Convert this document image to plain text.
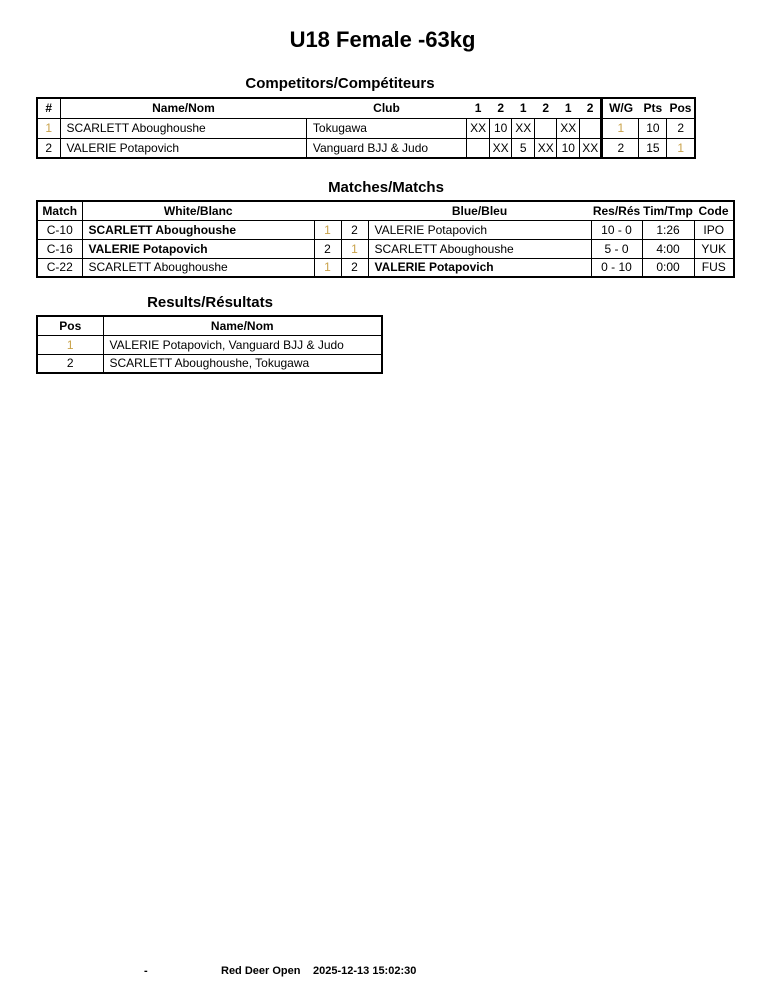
U18 Female -63kg
Competitors/Compétiteurs
#	Name/Nom	Club	1	2	1	2	1	2	W/G	Pts	Pos
1	SCARLETT Aboughoushe	Tokugawa	XX	10	XX		XX		1	10	2
2	VALERIE Potapovich	Vanguard BJJ & Judo		XX	5	XX	10	XX	2	15	1
Matches/Matchs
Match	White/Blanc			Blue/Bleu	Res/Rés	Tim/Tmp	Code
C-10	SCARLETT Aboughoushe	1	2	VALERIE Potapovich	10 - 0	1:26	IPO
C-16	VALERIE Potapovich	2	1	SCARLETT Aboughoushe	5 - 0	4:00	YUK
C-22	SCARLETT Aboughoushe	1	2	VALERIE Potapovich	0 - 10	0:00	FUS
Results/Résultats
Pos	Name/Nom
1	VALERIE Potapovich, Vanguard BJJ & Judo
2	SCARLETT Aboughoushe, Tokugawa
-	Red Deer Open 2025-12-13 15:02:30
